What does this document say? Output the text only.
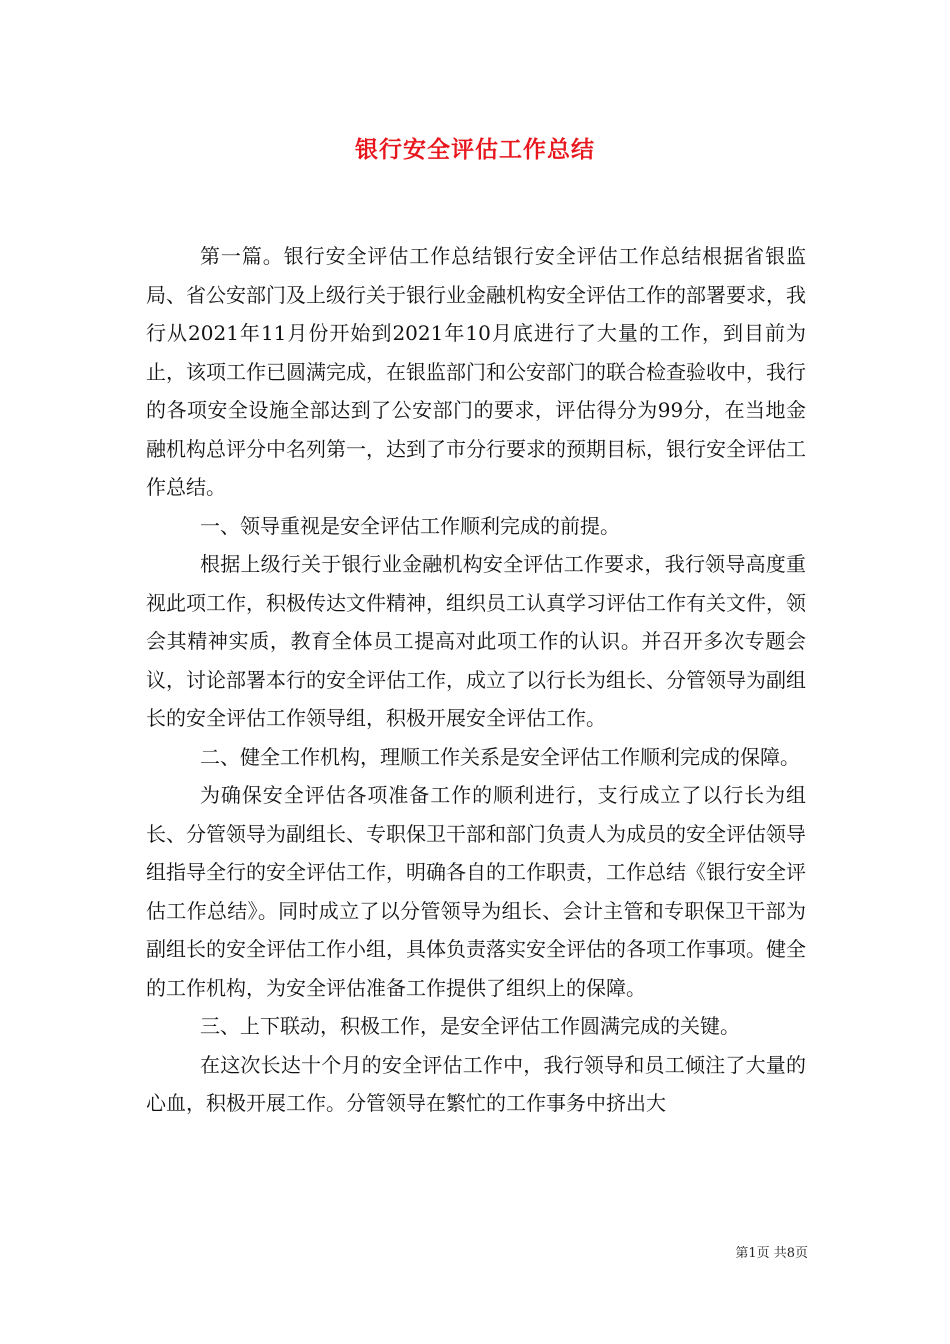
银行安全评估工作总结

第一篇。银行安全评估工作总结银行安全评估工作总结根据省银监局、省公安部门及上级行关于银行业金融机构安全评估工作的部署要求，我行从2021年11月份开始到2021年10月底进行了大量的工作，到目前为止，该项工作已圆满完成，在银监部门和公安部门的联合检查验收中，我行的各项安全设施全部达到了公安部门的要求，评估得分为99分，在当地金融机构总评分中名列第一，达到了市分行要求的预期目标，银行安全评估工作总结。

一、领导重视是安全评估工作顺利完成的前提。

根据上级行关于银行业金融机构安全评估工作要求，我行领导高度重视此项工作，积极传达文件精神，组织员工认真学习评估工作有关文件，领会其精神实质，教育全体员工提高对此项工作的认识。并召开多次专题会议，讨论部署本行的安全评估工作，成立了以行长为组长、分管领导为副组长的安全评估工作领导组，积极开展安全评估工作。

二、健全工作机构，理顺工作关系是安全评估工作顺利完成的保障。

为确保安全评估各项准备工作的顺利进行，支行成立了以行长为组长、分管领导为副组长、专职保卫干部和部门负责人为成员的安全评估领导组指导全行的安全评估工作，明确各自的工作职责，工作总结《银行安全评估工作总结》。同时成立了以分管领导为组长、会计主管和专职保卫干部为副组长的安全评估工作小组，具体负责落实安全评估的各项工作事项。健全的工作机构，为安全评估准备工作提供了组织上的保障。

三、上下联动，积极工作，是安全评估工作圆满完成的关键。

在这次长达十个月的安全评估工作中，我行领导和员工倾注了大量的心血，积极开展工作。分管领导在繁忙的工作事务中挤出大

第1页 共8页
